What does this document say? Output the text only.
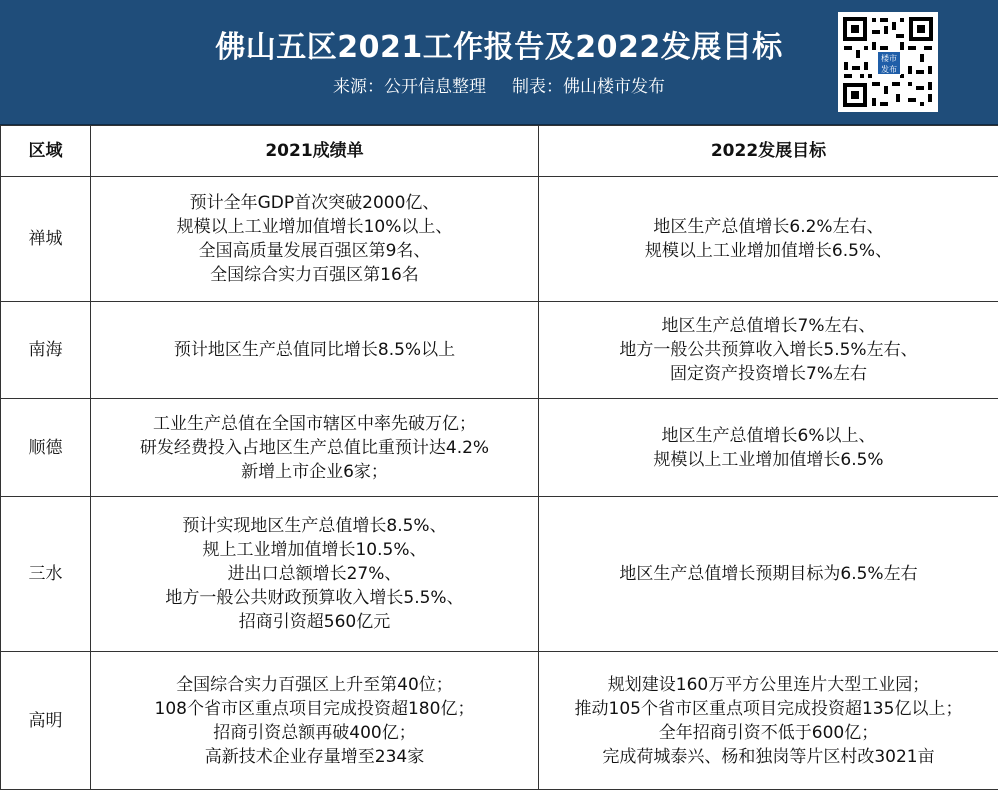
佛山五区2021工作报告及2022发展目标
来源：公开信息整理 制表：佛山楼市发布
楼市 发布
区域	2021成绩单	2022发展目标
禅城	预计全年GDP首次突破2000亿、
规模以上工业增加值增长10%以上、
全国高质量发展百强区第9名、
全国综合实力百强区第16名	地区生产总值增长6.2%左右、
规模以上工业增加值增长6.5%、

南海	预计地区生产总值同比增长8.5%以上	地区生产总值增长7%左右、
地方一般公共预算收入增长5.5%左右、
固定资产投资增长7%左右

顺德	工业生产总值在全国市辖区中率先破万亿；
研发经费投入占地区生产总值比重预计达4.2%
新增上市企业6家；	地区生产总值增长6%以上、
规模以上工业增加值增长6.5%

三水	预计实现地区生产总值增长8.5%、
规上工业增加值增长10.5%、
进出口总额增长27%、
地方一般公共财政预算收入增长5.5%、
招商引资超560亿元	地区生产总值增长预期目标为6.5%左右

高明	全国综合实力百强区上升至第40位；
108个省市区重点项目完成投资超180亿；
招商引资总额再破400亿；
高新技术企业存量增至234家	规划建设160万平方公里连片大型工业园；
推动105个省市区重点项目完成投资超135亿以上；
全年招商引资不低于600亿；
完成荷城泰兴、杨和独岗等片区村改3021亩
